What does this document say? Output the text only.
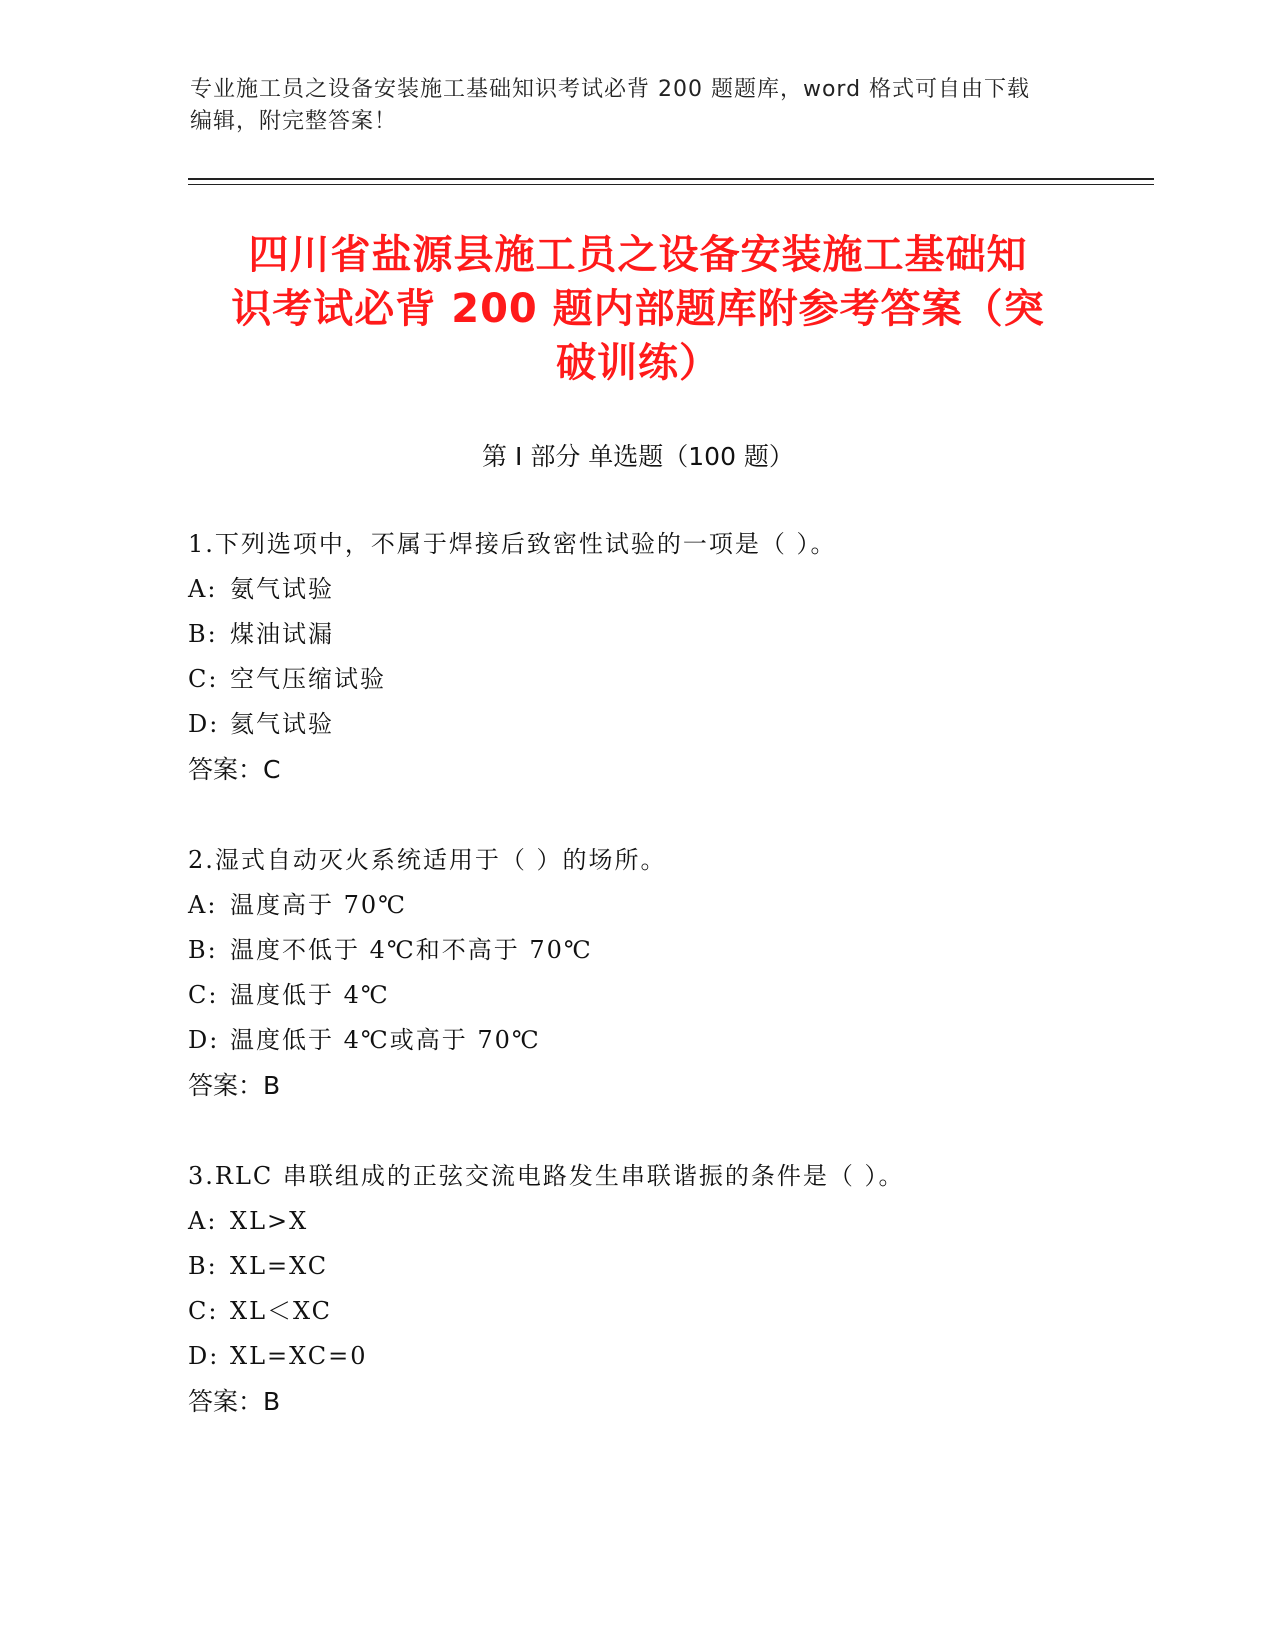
专业施工员之设备安装施工基础知识考试必背 200 题题库，word 格式可自由下载
编辑，附完整答案！
四川省盐源县施工员之设备安装施工基础知
识考试必背 200 题内部题库附参考答案（突
破训练）
第 I 部分 单选题（100 题）
1.下列选项中，不属于焊接后致密性试验的一项是（ ）。
A: 氨气试验
B: 煤油试漏
C: 空气压缩试验
D: 氦气试验
答案：C
2.湿式自动灭火系统适用于（ ）的场所。
A: 温度高于 70℃
B: 温度不低于 4℃和不高于 70℃
C: 温度低于 4℃
D: 温度低于 4℃或高于 70℃
答案：B
3.RLC 串联组成的正弦交流电路发生串联谐振的条件是（ ）。
A: XL>X
B: XL=XC
C: XL＜XC
D: XL=XC=0
答案：B
